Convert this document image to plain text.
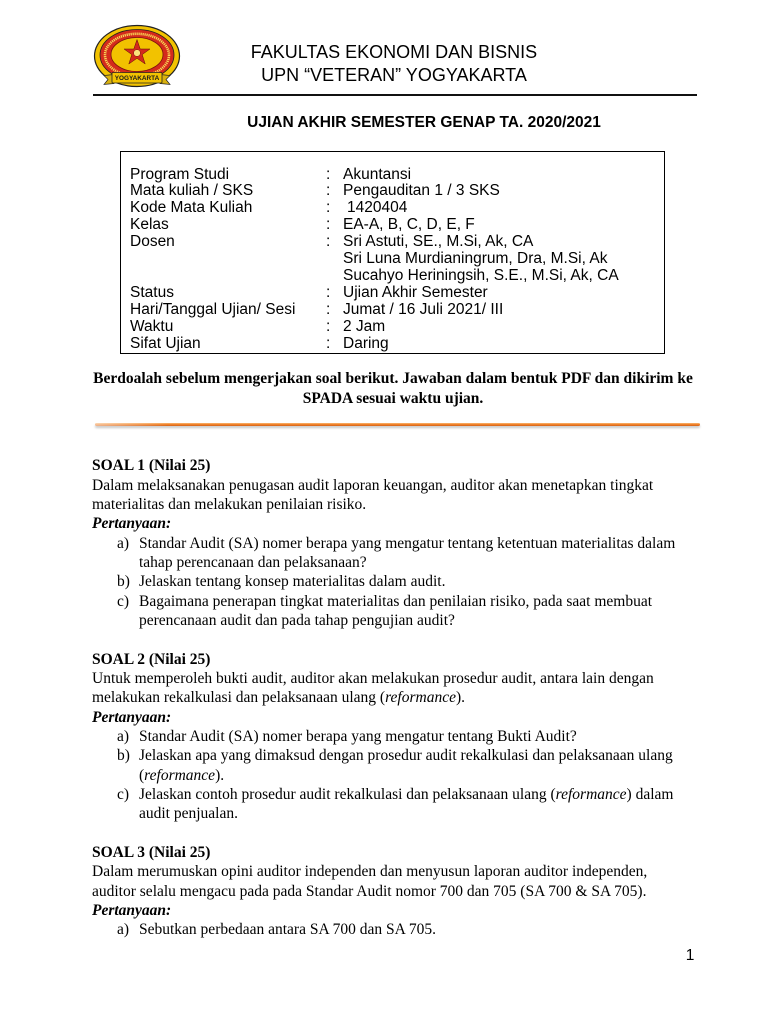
YOGYAKARTA
FAKULTAS EKONOMI DAN BISNIS
UPN “VETERAN” YOGYAKARTA
UJIAN AKHIR SEMESTER GENAP TA. 2020/2021
Program Studi	: Akuntansi
Mata kuliah / SKS	: Pengauditan 1 / 3 SKS
Kode Mata Kuliah	:	1420404
Kelas	: EA-A, B, C, D, E, F
Dosen	: Sri Astuti, SE., M.Si, Ak, CA
Sri Luna Murdianingrum, Dra, M.Si, Ak
Sucahyo Heriningsih, S.E., M.Si, Ak, CA
Status	: Ujian Akhir Semester
Hari/Tanggal Ujian/ Sesi	: Jumat / 16 Juli 2021/ III
Waktu	: 2 Jam
Sifat Ujian	: Daring
Berdoalah sebelum mengerjakan soal berikut. Jawaban dalam bentuk PDF dan dikirim ke
SPADA sesuai waktu ujian.
SOAL 1 (Nilai 25)
Dalam melaksanakan penugasan audit laporan keuangan, auditor akan menetapkan tingkat
materialitas dan melakukan penilaian risiko.
Pertanyaan:
a) Standar Audit (SA) nomer berapa yang mengatur tentang ketentuan materialitas dalam
tahap perencanaan dan pelaksanaan?
b) Jelaskan tentang konsep materialitas dalam audit.
c) Bagaimana penerapan tingkat materialitas dan penilaian risiko, pada saat membuat
perencanaan audit dan pada tahap pengujian audit?
SOAL 2 (Nilai 25)
Untuk memperoleh bukti audit, auditor akan melakukan prosedur audit, antara lain dengan
melakukan rekalkulasi dan pelaksanaan ulang (reformance).
Pertanyaan:
a) Standar Audit (SA) nomer berapa yang mengatur tentang Bukti Audit?
b) Jelaskan apa yang dimaksud dengan prosedur audit rekalkulasi dan pelaksanaan ulang
(reformance).
c) Jelaskan contoh prosedur audit rekalkulasi dan pelaksanaan ulang (reformance) dalam
audit penjualan.
SOAL 3 (Nilai 25)
Dalam merumuskan opini auditor independen dan menyusun laporan auditor independen,
auditor selalu mengacu pada pada Standar Audit nomor 700 dan 705 (SA 700 & SA 705).
Pertanyaan:
a) Sebutkan perbedaan antara SA 700 dan SA 705.
1
